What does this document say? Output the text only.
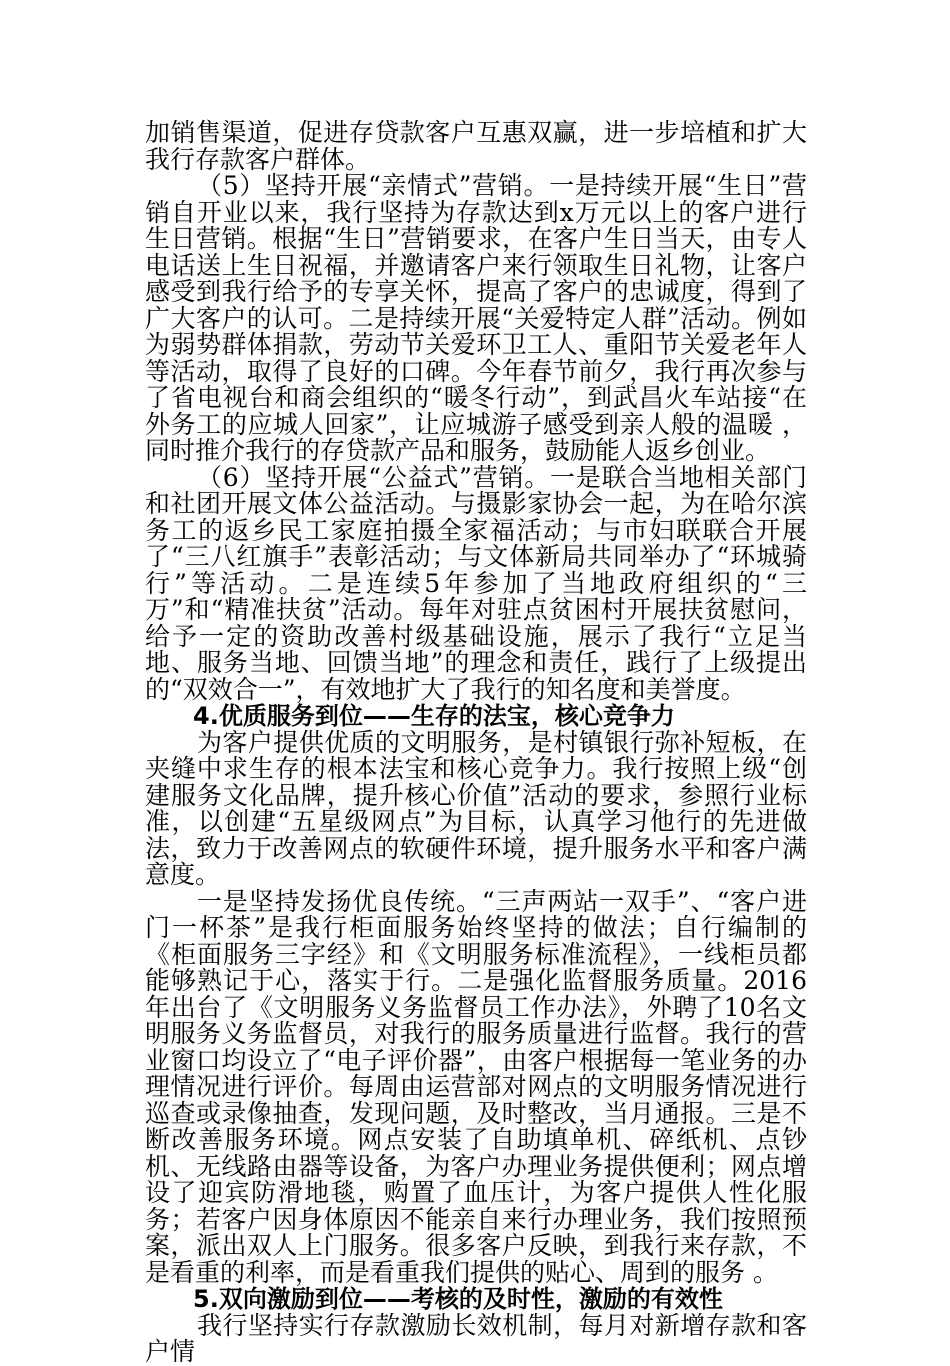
加销售渠道，促进存贷款客户互惠双赢，进一步培植和扩大我行存款客户群体。

（5）坚持开展“亲情式”营销。一是持续开展“生日”营销自开业以来，我行坚持为存款达到x万元以上的客户进行生日营销。根据“生日”营销要求，在客户生日当天，由专人电话送上生日祝福，并邀请客户来行领取生日礼物，让客户感受到我行给予的专享关怀，提高了客户的忠诚度，得到了广大客户的认可。二是持续开展“关爱特定人群”活动。例如为弱势群体捐款，劳动节关爱环卫工人、重阳节关爱老年人等活动，取得了良好的口碑。今年春节前夕，我行再次参与了省电视台和商会组织的“暖冬行动”，到武昌火车站接“在外务工的应城人回家”，让应城游子感受到亲人般的温暖 ，同时推介我行的存贷款产品和服务，鼓励能人返乡创业。

（6）坚持开展“公益式”营销。一是联合当地相关部门和社团开展文体公益活动。与摄影家协会一起，为在哈尔滨务工的返乡民工家庭拍摄全家福活动；与市妇联联合开展了“三八红旗手”表彰活动；与文体新局共同举办了“环城骑行”等活动。二是连续5年参加了当地政府组织的“三万”和“精准扶贫”活动。每年对驻点贫困村开展扶贫慰问，给予一定的资助改善村级基础设施，展示了我行“立足当地、服务当地、回馈当地”的理念和责任，践行了上级提出的“双效合一”，有效地扩大了我行的知名度和美誉度。

4.优质服务到位——生存的法宝，核心竞争力

为客户提供优质的文明服务，是村镇银行弥补短板，在夹缝中求生存的根本法宝和核心竞争力。我行按照上级“创建服务文化品牌，提升核心价值”活动的要求，参照行业标准，以创建“五星级网点”为目标，认真学习他行的先进做法，致力于改善网点的软硬件环境，提升服务水平和客户满意度。

一是坚持发扬优良传统。“三声两站一双手”、“客户进门一杯茶”是我行柜面服务始终坚持的做法；自行编制的《柜面服务三字经》和《文明服务标准流程》，一线柜员都能够熟记于心，落实于行。二是强化监督服务质量。2016年出台了《文明服务义务监督员工作办法》，外聘了10名文明服务义务监督员，对我行的服务质量进行监督。我行的营业窗口均设立了“电子评价器”，由客户根据每一笔业务的办理情况进行评价。每周由运营部对网点的文明服务情况进行巡查或录像抽查，发现问题，及时整改，当月通报。三是不断改善服务环境。网点安装了自助填单机、碎纸机、点钞机、无线路由器等设备，为客户办理业务提供便利；网点增设了迎宾防滑地毯，购置了血压计，为客户提供人性化服务；若客户因身体原因不能亲自来行办理业务，我们按照预案，派出双人上门服务。很多客户反映，到我行来存款，不是看重的利率，而是看重我们提供的贴心、周到的服务 。

5.双向激励到位——考核的及时性，激励的有效性

我行坚持实行存款激励长效机制，每月对新增存款和客户情
